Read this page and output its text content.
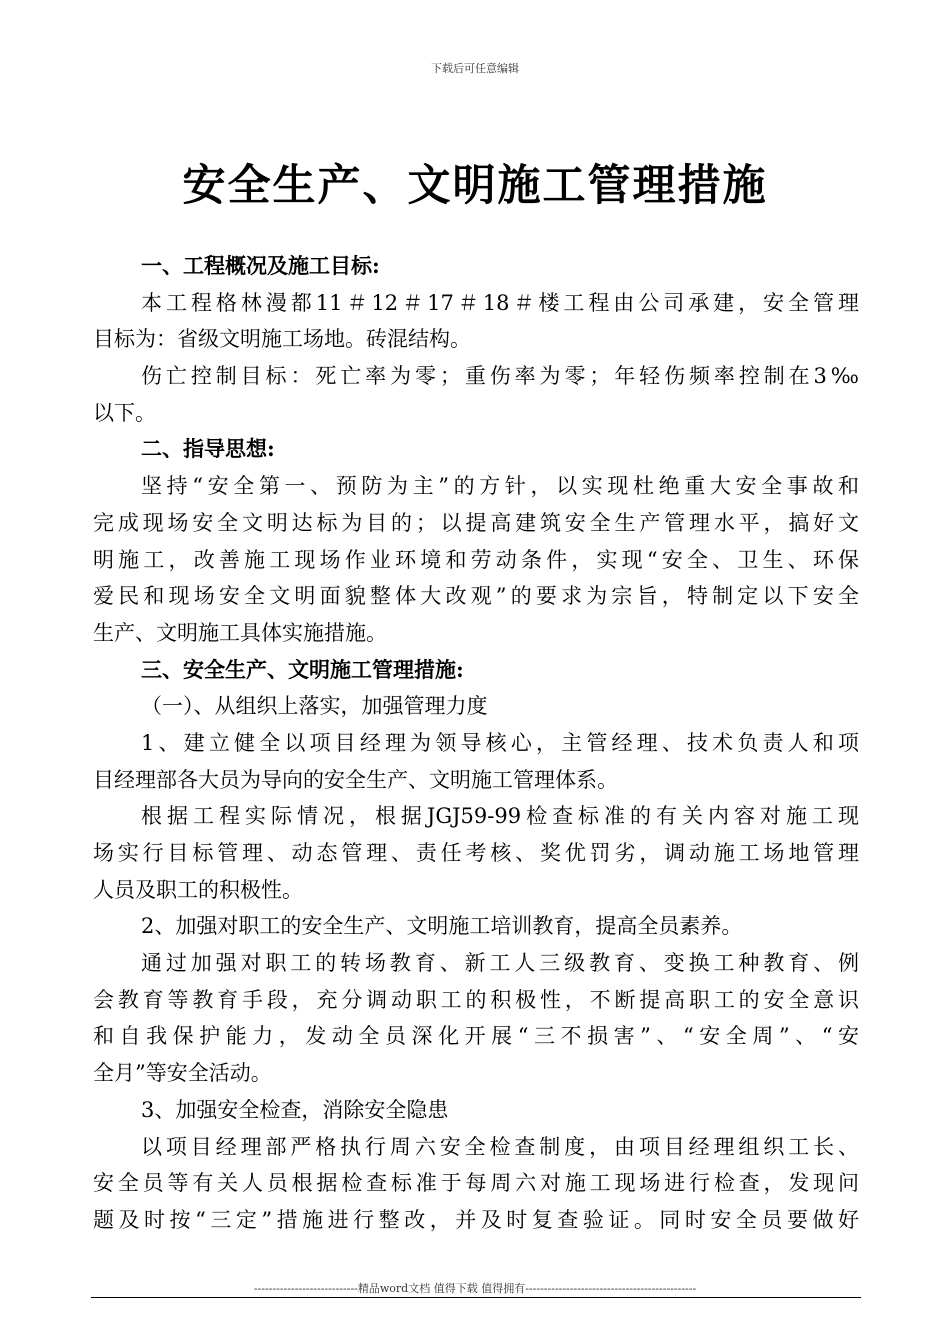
下载后可任意编辑
安全生产、文明施工管理措施
一、工程概况及施工目标:
本工程格林漫都11＃12＃17＃18＃楼工程由公司承建，安全管理
目标为：省级文明施工场地。砖混结构。
伤亡控制目标：死亡率为零；重伤率为零；年轻伤频率控制在3‰
以下。
二、指导思想:
坚持“安全第一、预防为主”的方针，以实现杜绝重大安全事故和
完成现场安全文明达标为目的；以提高建筑安全生产管理水平，搞好文
明施工，改善施工现场作业环境和劳动条件，实现“安全、卫生、环保
爱民和现场安全文明面貌整体大改观”的要求为宗旨，特制定以下安全
生产、文明施工具体实施措施。
三、安全生产、文明施工管理措施:
（一）、从组织上落实，加强管理力度
1、建立健全以项目经理为领导核心，主管经理、技术负责人和项
目经理部各大员为导向的安全生产、文明施工管理体系。
根据工程实际情况，根据JGJ59-99检查标准的有关内容对施工现
场实行目标管理、动态管理、责任考核、奖优罚劣，调动施工场地管理
人员及职工的积极性。
2、加强对职工的安全生产、文明施工培训教育，提高全员素养。
通过加强对职工的转场教育、新工人三级教育、变换工种教育、例
会教育等教育手段，充分调动职工的积极性，不断提高职工的安全意识
和自我保护能力，发动全员深化开展“三不损害”、“安全周”、“安
全月”等安全活动。
3、加强安全检查，消除安全隐患
以项目经理部严格执行周六安全检查制度，由项目经理组织工长、
安全员等有关人员根据检查标准于每周六对施工现场进行检查，发现问
题及时按“三定”措施进行整改，并及时复查验证。同时安全员要做好
----------------------------精品word文档 值得下载 值得拥有----------------------------------------------
